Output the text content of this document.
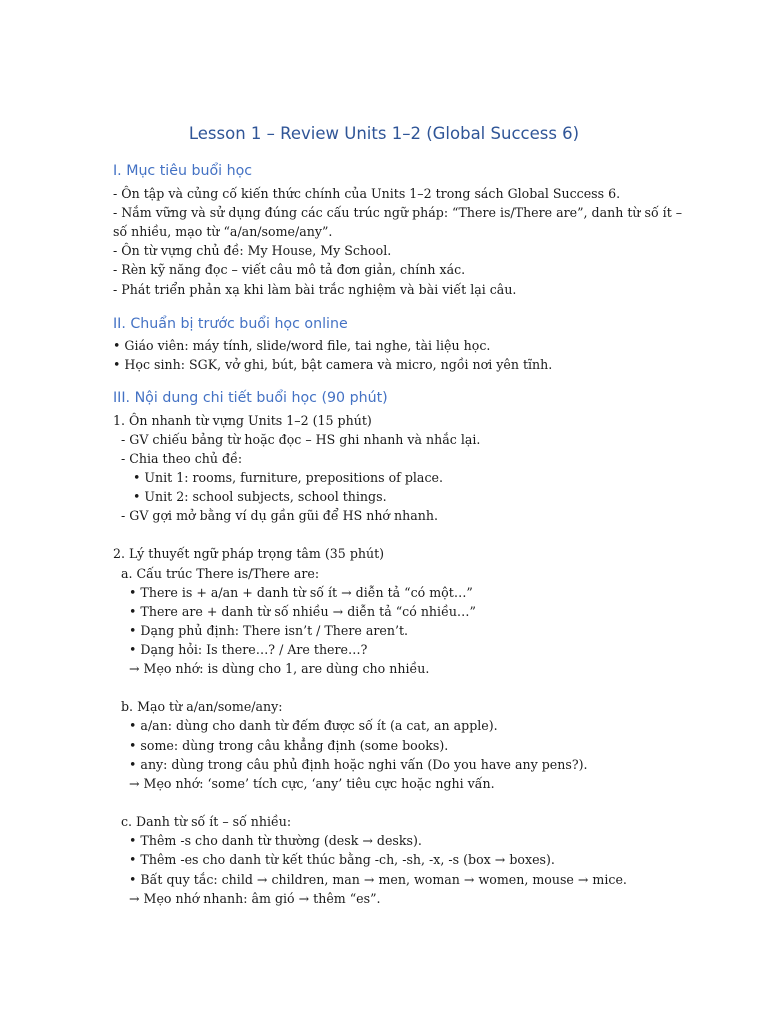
Lesson 1 – Review Units 1–2 (Global Success 6)
I. Mục tiêu buổi học
- Ôn tập và củng cố kiến thức chính của Units 1–2 trong sách Global Success 6.
- Nắm vững và sử dụng đúng các cấu trúc ngữ pháp: “There is/There are”, danh từ số ít –
số nhiều, mạo từ “a/an/some/any”.
- Ôn từ vựng chủ đề: My House, My School.
- Rèn kỹ năng đọc – viết câu mô tả đơn giản, chính xác.
- Phát triển phản xạ khi làm bài trắc nghiệm và bài viết lại câu.
II. Chuẩn bị trước buổi học online
• Giáo viên: máy tính, slide/word file, tai nghe, tài liệu học.
• Học sinh: SGK, vở ghi, bút, bật camera và micro, ngồi nơi yên tĩnh.
III. Nội dung chi tiết buổi học (90 phút)
1. Ôn nhanh từ vựng Units 1–2 (15 phút)
- GV chiếu bảng từ hoặc đọc – HS ghi nhanh và nhắc lại.
- Chia theo chủ đề:
• Unit 1: rooms, furniture, prepositions of place.
• Unit 2: school subjects, school things.
- GV gợi mở bằng ví dụ gần gũi để HS nhớ nhanh.
2. Lý thuyết ngữ pháp trọng tâm (35 phút)
a. Cấu trúc There is/There are:
• There is + a/an + danh từ số ít → diễn tả “có một…”
• There are + danh từ số nhiều → diễn tả “có nhiều…”
• Dạng phủ định: There isn’t / There aren’t.
• Dạng hỏi: Is there…? / Are there…?
→ Mẹo nhớ: is dùng cho 1, are dùng cho nhiều.
b. Mạo từ a/an/some/any:
• a/an: dùng cho danh từ đếm được số ít (a cat, an apple).
• some: dùng trong câu khẳng định (some books).
• any: dùng trong câu phủ định hoặc nghi vấn (Do you have any pens?).
→ Mẹo nhớ: ‘some’ tích cực, ‘any’ tiêu cực hoặc nghi vấn.
c. Danh từ số ít – số nhiều:
• Thêm -s cho danh từ thường (desk → desks).
• Thêm -es cho danh từ kết thúc bằng -ch, -sh, -x, -s (box → boxes).
• Bất quy tắc: child → children, man → men, woman → women, mouse → mice.
→ Mẹo nhớ nhanh: âm gió → thêm “es”.
